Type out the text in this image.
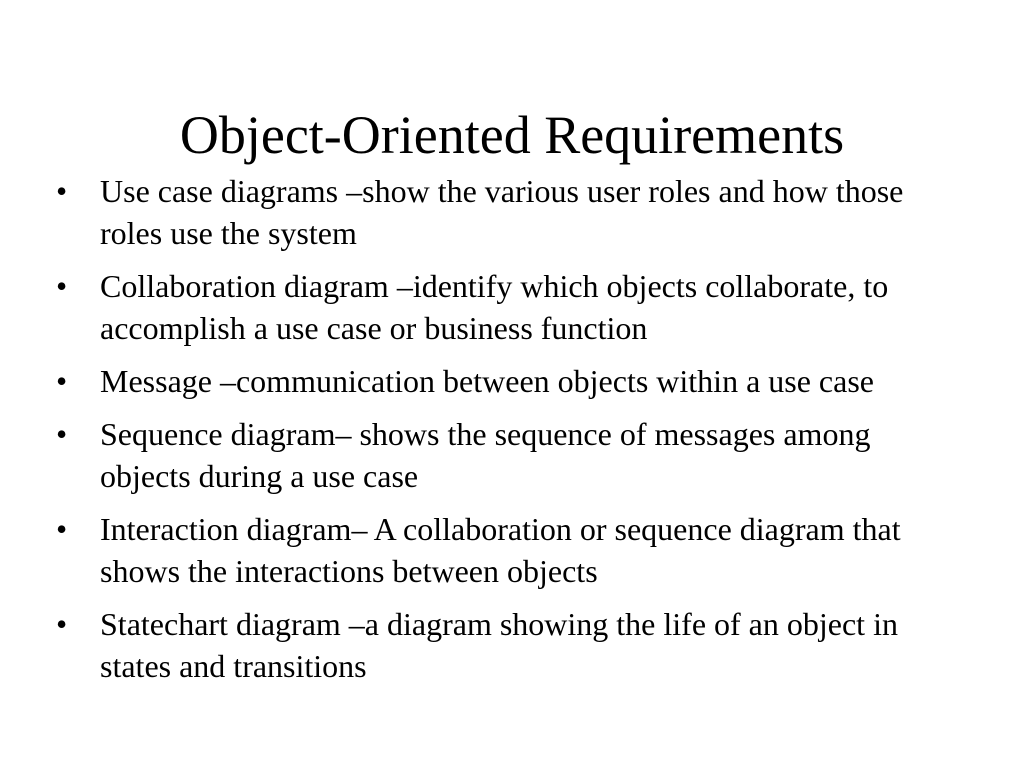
Object-Oriented Requirements
•	Use case diagrams –show the various user roles and how those roles use the system
•	Collaboration diagram –identify which objects collaborate, to accomplish a use case or business function
•	Message –communication between objects within a use case
•	Sequence diagram– shows the sequence of messages among objects during a use case
•	Interaction diagram– A collaboration or sequence diagram that shows the interactions between objects
•	Statechart diagram –a diagram showing the life of an object in states and transitions
